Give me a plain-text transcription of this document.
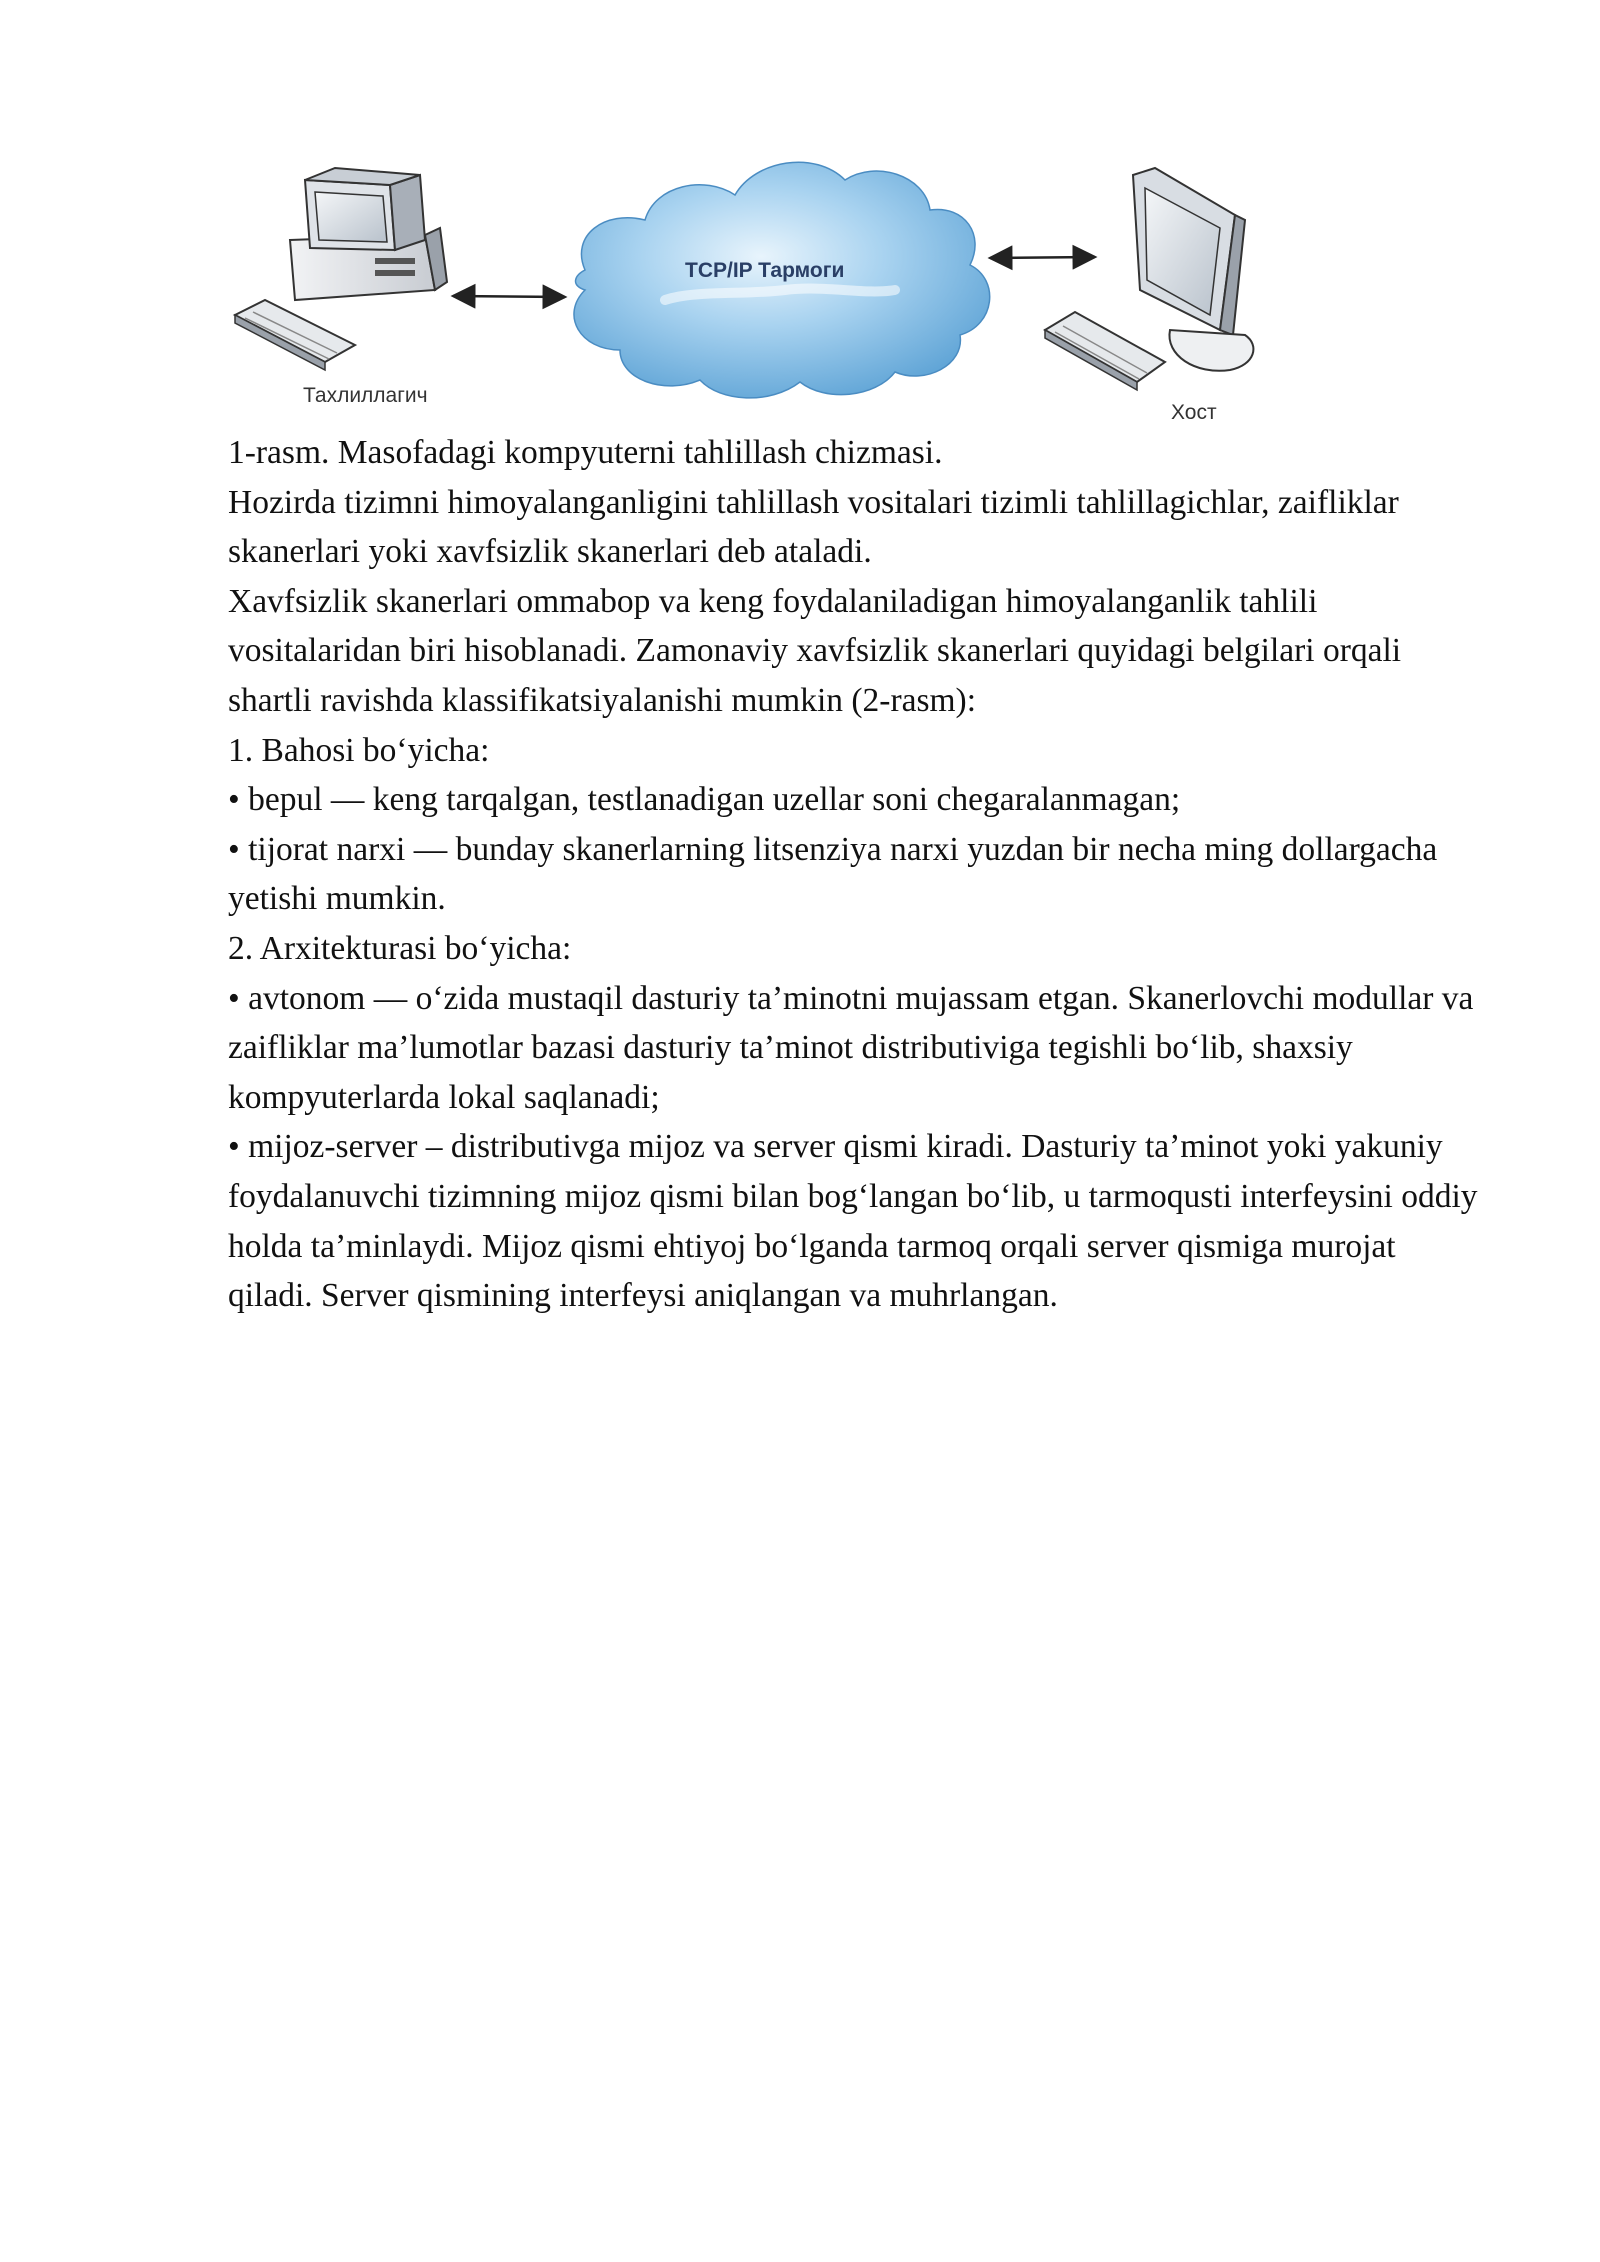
TCP/IP Тармоги
Тахлиллагич
Хост

1-rasm. Masofadagi kompyuterni tahlillash chizmasi.

Hozirda tizimni himoyalanganligini tahlillash vositalari tizimli tahlillagichlar, zaifliklar skanerlari yoki xavfsizlik skanerlari deb ataladi.

Xavfsizlik skanerlari ommabop va keng foydalaniladigan himoyalanganlik tahlili vositalaridan biri hisoblanadi. Zamonaviy xavfsizlik skanerlari quyidagi belgilari orqali shartli ravishda klassifikatsiyalanishi mumkin (2-rasm):

1. Bahosi bo‘yicha:

• bepul — keng tarqalgan, testlanadigan uzellar soni chegaralanmagan;

• tijorat narxi — bunday skanerlarning litsenziya narxi yuzdan bir necha ming dollargacha yetishi mumkin.

2. Arxitekturasi bo‘yicha:

• avtonom — o‘zida mustaqil dasturiy ta’minotni mujassam etgan. Skanerlovchi modullar va zaifliklar ma’lumotlar bazasi dasturiy ta’minot distributiviga tegishli bo‘lib, shaxsiy kompyuterlarda lokal saqlanadi;

• mijoz-server – distributivga mijoz va server qismi kiradi. Dasturiy ta’minot yoki yakuniy foydalanuvchi tizimning mijoz qismi bilan bog‘langan bo‘lib, u tarmoqusti interfeysini oddiy holda ta’minlaydi. Mijoz qismi ehtiyoj bo‘lganda tarmoq orqali server qismiga murojat qiladi. Server qismining interfeysi aniqlangan va muhrlangan.
